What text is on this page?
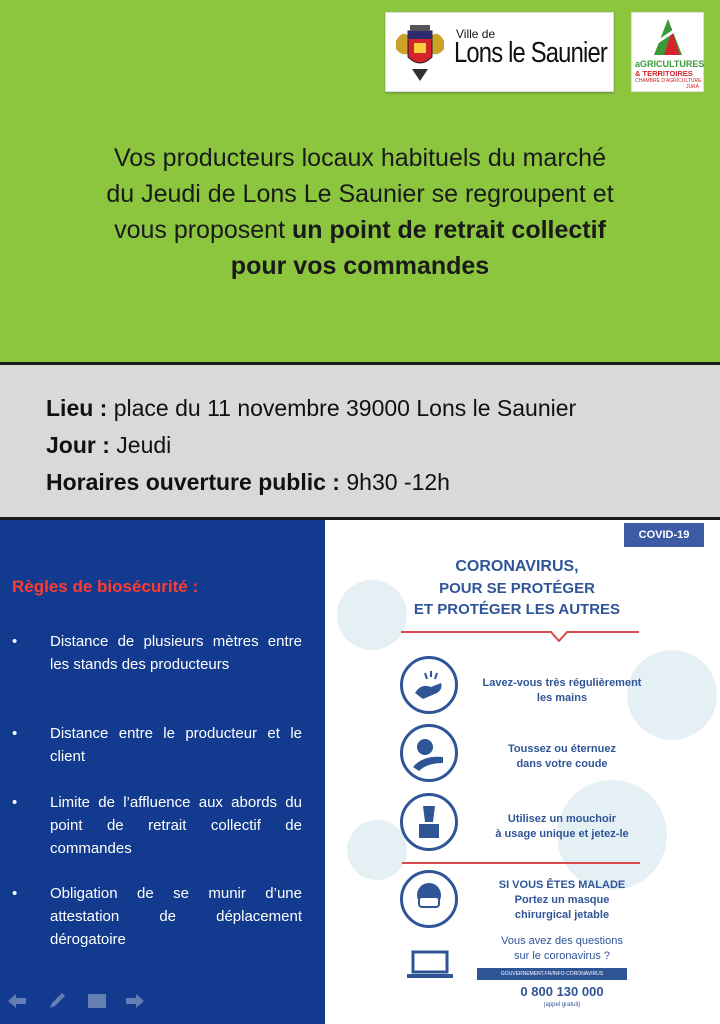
Ville de
Lons le Saunier	aGRICULTURES
& TERRITOIRES
CHAMBRE D'AGRICULTURE
JURA
Vos producteurs locaux habituels du marché
du Jeudi de Lons Le Saunier se regroupent et
vous proposent un point de retrait collectif
pour vos commandes
Lieu : place du 11 novembre 39000 Lons le Saunier
Jour : Jeudi
Horaires ouverture public : 9h30 -12h
Règles de biosécurité :
• Distance de plusieurs mètres entre les stands des producteurs
• Distance entre le producteur et le client
• Limite de l’affluence aux abords du point de retrait collectif de commandes
• Obligation de se munir d’une attestation de déplacement dérogatoire
COVID-19
CORONAVIRUS,
POUR SE PROTÉGER
ET PROTÉGER LES AUTRES
Lavez-vous très régulièrement
les mains
Toussez ou éternuez
dans votre coude
Utilisez un mouchoir
à usage unique et jetez-le
SI VOUS ÊTES MALADE
Portez un masque
chirurgical jetable
Vous avez des questions
sur le coronavirus ?
GOUVERNEMENT.FR/INFO-CORONAVIRUS
0 800 130 000
(appel gratuit)
